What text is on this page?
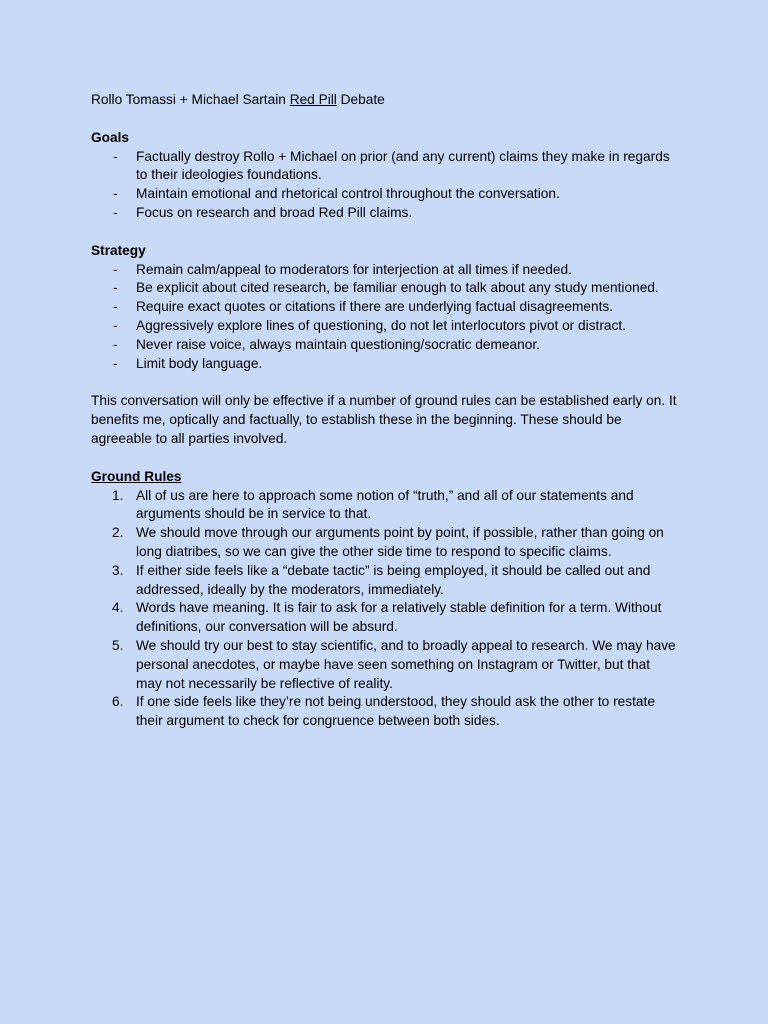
Rollo Tomassi + Michael Sartain Red Pill Debate

Goals

- Factually destroy Rollo + Michael on prior (and any current) claims they make in regards to their ideologies foundations.
- Maintain emotional and rhetorical control throughout the conversation.
- Focus on research and broad Red Pill claims.

Strategy

- Remain calm/appeal to moderators for interjection at all times if needed.
- Be explicit about cited research, be familiar enough to talk about any study mentioned.
- Require exact quotes or citations if there are underlying factual disagreements.
- Aggressively explore lines of questioning, do not let interlocutors pivot or distract.
- Never raise voice, always maintain questioning/socratic demeanor.
- Limit body language.

This conversation will only be effective if a number of ground rules can be established early on. It benefits me, optically and factually, to establish these in the beginning. These should be agreeable to all parties involved.

Ground Rules

1. All of us are here to approach some notion of “truth,” and all of our statements and arguments should be in service to that.
2. We should move through our arguments point by point, if possible, rather than going on long diatribes, so we can give the other side time to respond to specific claims.
3. If either side feels like a “debate tactic” is being employed, it should be called out and addressed, ideally by the moderators, immediately.
4. Words have meaning. It is fair to ask for a relatively stable definition for a term. Without definitions, our conversation will be absurd.
5. We should try our best to stay scientific, and to broadly appeal to research. We may have personal anecdotes, or maybe have seen something on Instagram or Twitter, but that may not necessarily be reflective of reality.
6. If one side feels like they’re not being understood, they should ask the other to restate their argument to check for congruence between both sides.
